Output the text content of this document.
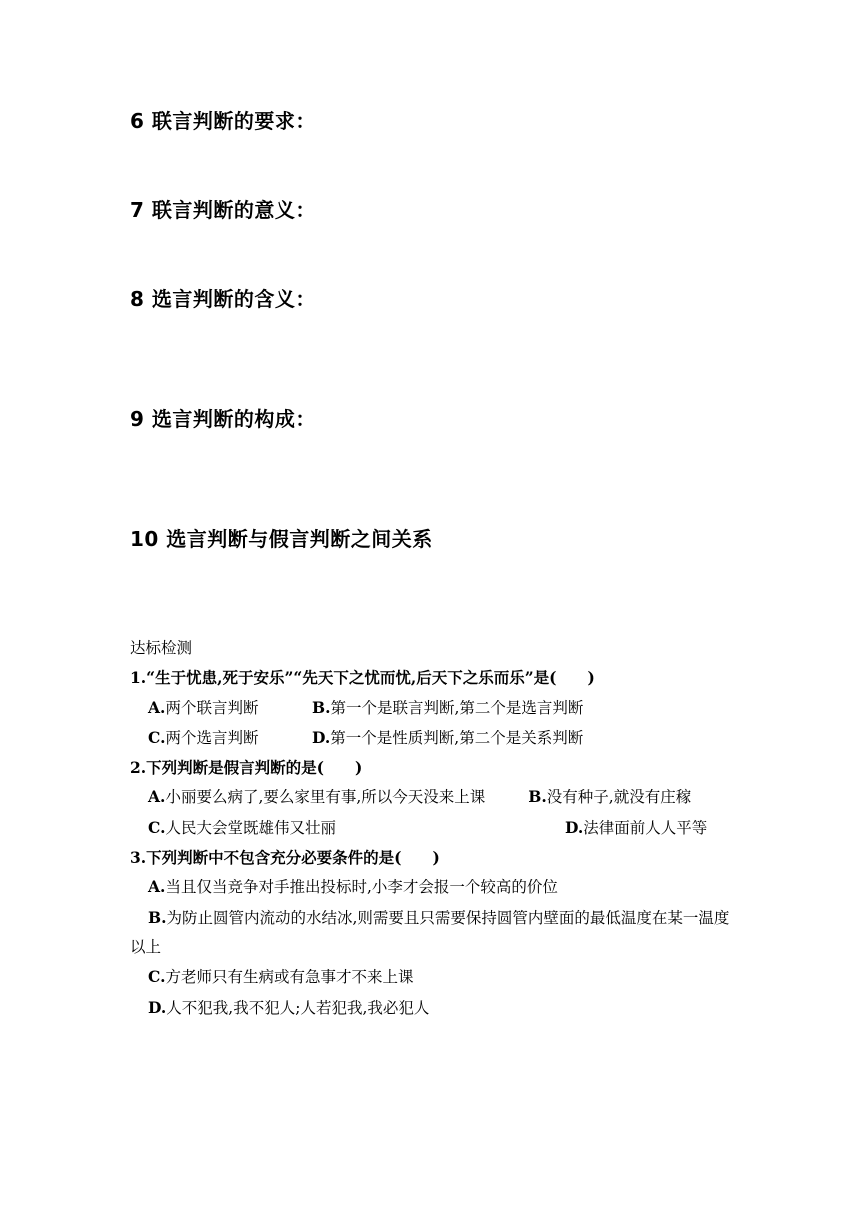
6 联言判断的要求：
7 联言判断的意义：
8 选言判断的含义：
9 选言判断的构成：
10 选言判断与假言判断之间关系
达标检测
1.“生于忧患,死于安乐”“先天下之忧而忧,后天下之乐而乐”是(　　)
A.两个联言判断	B.第一个是联言判断,第二个是选言判断
C.两个选言判断	D.第一个是性质判断,第二个是关系判断
2.下列判断是假言判断的是(　　)
A.小丽要么病了,要么家里有事,所以今天没来上课	B.没有种子,就没有庄稼
C.人民大会堂既雄伟又壮丽	D.法律面前人人平等
3.下列判断中不包含充分必要条件的是(　　)
A.当且仅当竞争对手推出投标时,小李才会报一个较高的价位
B.为防止圆管内流动的水结冰,则需要且只需要保持圆管内壁面的最低温度在某一温度以上
C.方老师只有生病或有急事才不来上课
D.人不犯我,我不犯人;人若犯我,我必犯人
